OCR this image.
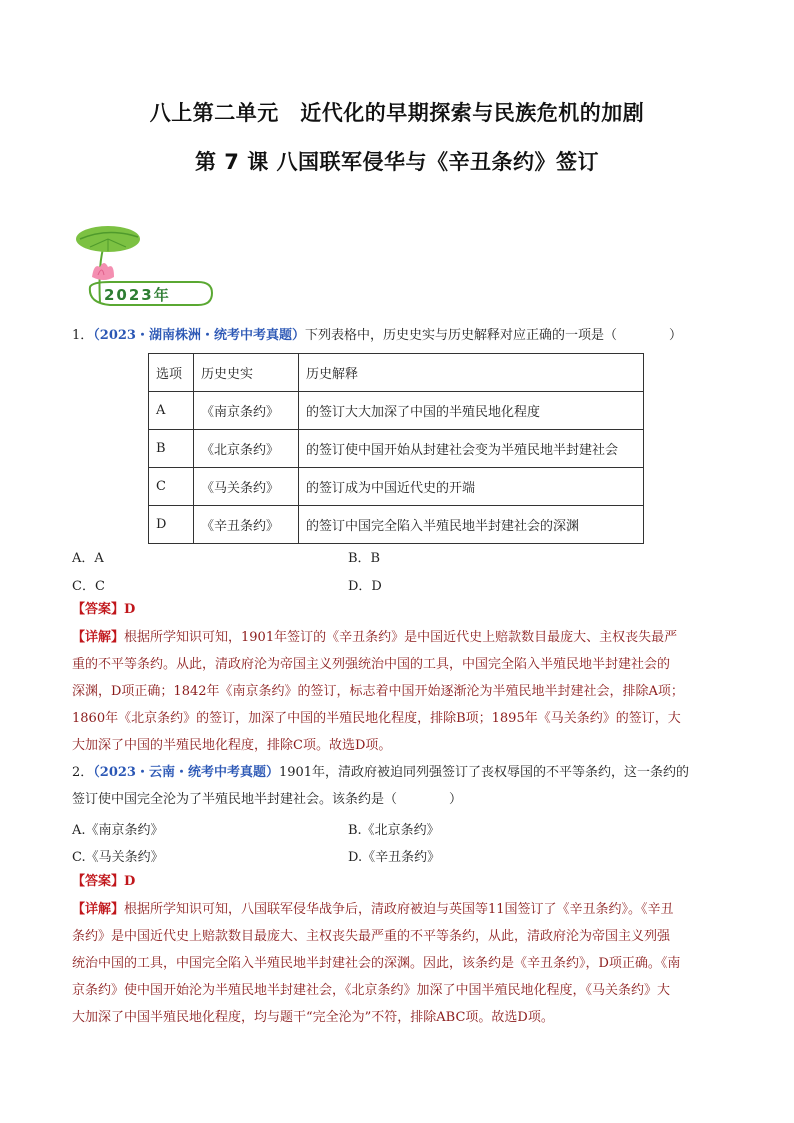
八上第二单元　近代化的早期探索与民族危机的加剧
第 7 课 八国联军侵华与《辛丑条约》签订
2023年
1．（2023・湖南株洲・统考中考真题）下列表格中，历史史实与历史解释对应正确的一项是（　　　　）
选项	历史史实	历史解释
A	《南京条约》	的签订大大加深了中国的半殖民地化程度
B	《北京条约》	的签订使中国开始从封建社会变为半殖民地半封建社会
C	《马关条约》	的签订成为中国近代史的开端
D	《辛丑条约》	的签订中国完全陷入半殖民地半封建社会的深渊
A．A	B．B
C．C	D．D
【答案】D
【详解】根据所学知识可知，1901年签订的《辛丑条约》是中国近代史上赔款数目最庞大、主权丧失最严
重的不平等条约。从此，清政府沦为帝国主义列强统治中国的工具，中国完全陷入半殖民地半封建社会的
深渊，D项正确；1842年《南京条约》的签订，标志着中国开始逐渐沦为半殖民地半封建社会，排除A项；
1860年《北京条约》的签订，加深了中国的半殖民地化程度，排除B项；1895年《马关条约》的签订，大
大加深了中国的半殖民地化程度，排除C项。故选D项。
2．（2023・云南・统考中考真题）1901年，清政府被迫同列强签订了丧权辱国的不平等条约，这一条约的
签订使中国完全沦为了半殖民地半封建社会。该条约是（　　　　）
A.《南京条约》	B.《北京条约》
C.《马关条约》	D.《辛丑条约》
【答案】D
【详解】根据所学知识可知，八国联军侵华战争后，清政府被迫与英国等11国签订了《辛丑条约》。《辛丑
条约》是中国近代史上赔款数目最庞大、主权丧失最严重的不平等条约，从此，清政府沦为帝国主义列强
统治中国的工具，中国完全陷入半殖民地半封建社会的深渊。因此，该条约是《辛丑条约》，D项正确。《南
京条约》使中国开始沦为半殖民地半封建社会，《北京条约》加深了中国半殖民地化程度，《马关条约》大
大加深了中国半殖民地化程度，均与题干“完全沦为”不符，排除ABC项。故选D项。
